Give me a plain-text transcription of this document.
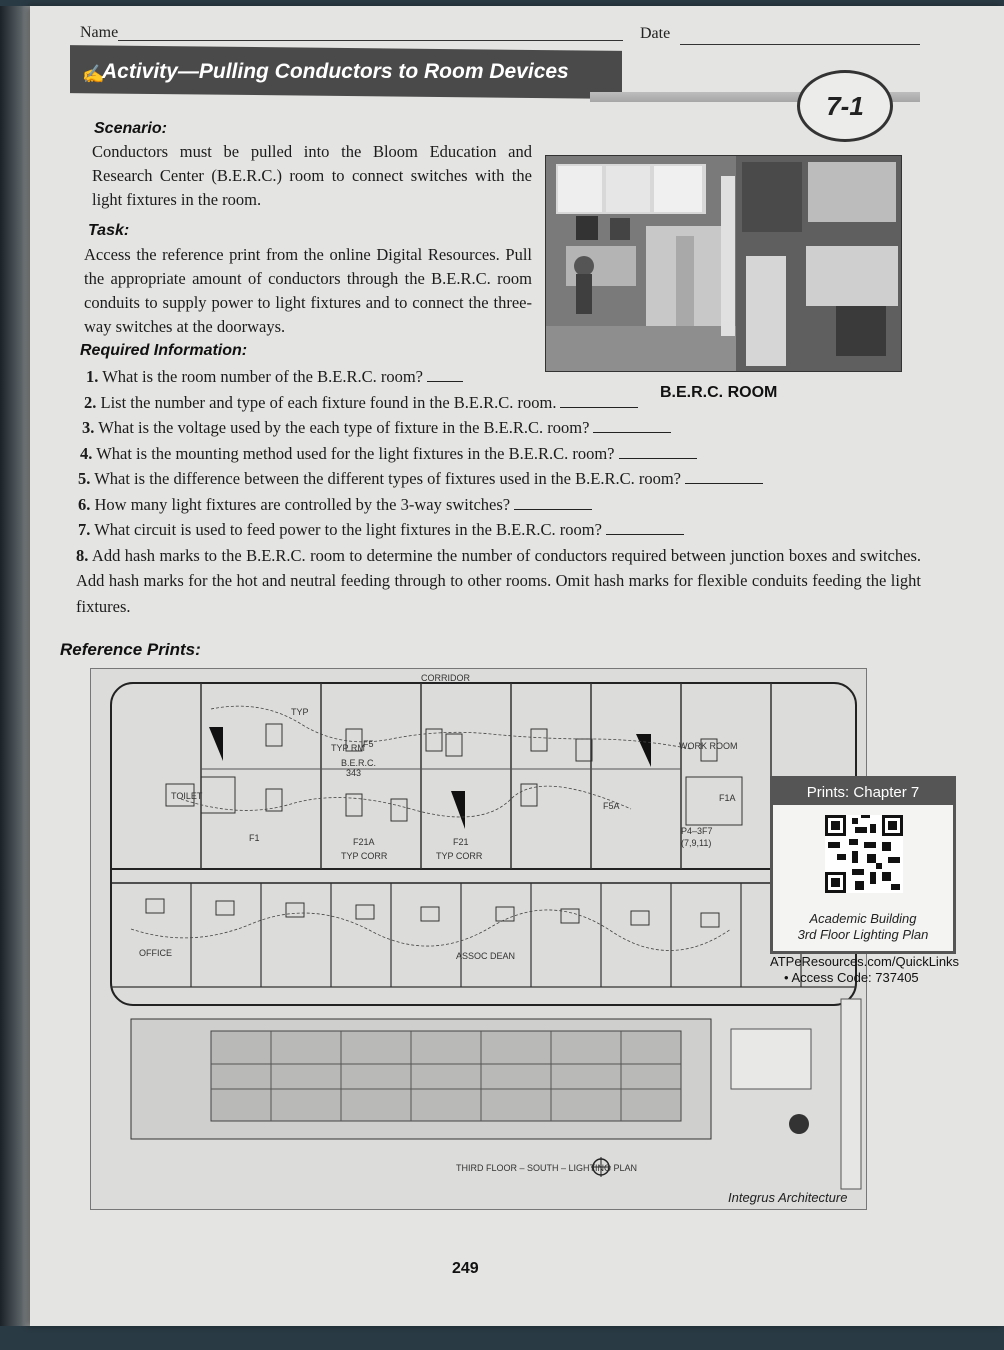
Name	Date
✍
Activity—Pulling Conductors to Room Devices
7-1
Scenario:
Conductors must be pulled into the Bloom Education and Research Center (B.E.R.C.) room to connect switches with the light fixtures in the room.
Task:
Access the reference print from the online Digital Resources. Pull the appropriate amount of conductors through the B.E.R.C. room conduits to supply power to light fixtures and to connect the three-way switches at the doorways.
B.E.R.C. ROOM
Required Information:
1. What is the room number of the B.E.R.C. room?
2. List the number and type of each fixture found in the B.E.R.C. room.
3. What is the voltage used by the each type of fixture in the B.E.R.C. room?
4. What is the mounting method used for the light fixtures in the B.E.R.C. room?
5. What is the difference between the different types of fixtures used in the B.E.R.C. room?
6. How many light fixtures are controlled by the 3-way switches?
7. What circuit is used to feed power to the light fixtures in the B.E.R.C. room?
8. Add hash marks to the B.E.R.C. room to determine the number of conductors required between junction boxes and switches. Add hash marks for the hot and neutral feeding through to other rooms. Omit hash marks for flexible conduits feeding the light fixtures.
Reference Prints:
CORRIDOR
B.E.R.C.
343
TYP RM
TYP
TYP CORR	TYP CORR
WORK ROOM
TOILET
OFFICE	ASSOC DEAN
F5
F1	F21A	F21
F5A
F1A
P4–3F7
(7,9,11)
THIRD FLOOR – SOUTH – LIGHTING PLAN
Prints: Chapter 7
Academic Building
3rd Floor Lighting Plan
ATPeResources.com/QuickLinks
• Access Code: 737405
Integrus Architecture
249
